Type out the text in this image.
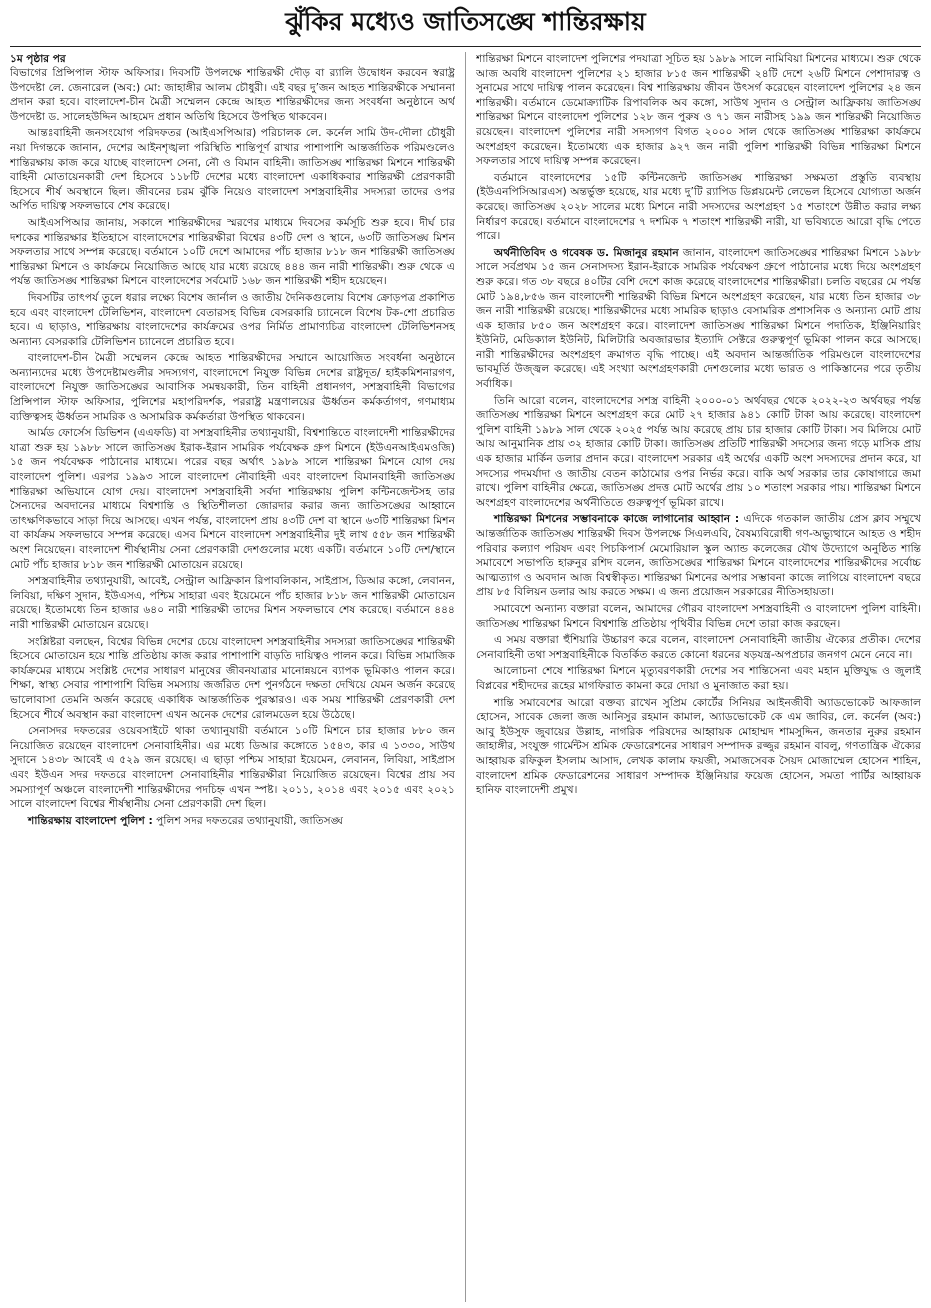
ঝুঁকির মধ্যেও জাতিসঙ্ঘে শান্তিরক্ষায়
১ম পৃষ্ঠার পর

বিভাগের প্রিন্সিপাল স্টাফ অফিসার। দিবসটি উপলক্ষে শান্তিরক্ষী দৌড় বা র‌্যালি উদ্বোধন করবেন স্বরাষ্ট্র উপদেষ্টা লে. জেনারেল (অব:) মো: জাহাঙ্গীর আলম চৌধুরী। এই বছর দু’জন আহত শান্তিরক্ষীকে সম্মাননা প্রদান করা হবে। বাংলাদেশ-চীন মৈত্রী সম্মেলন কেন্দ্রে আহত শান্তিরক্ষীদের জন্য সংবর্ধনা অনুষ্ঠানে অর্থ উপদেষ্টা ড. সালেহউদ্দিন আহমেদ প্রধান অতিথি হিসেবে উপস্থিত থাকবেন।

আন্তঃবাহিনী জনসংযোগ পরিদফতর (আইএসপিআর) পরিচালক লে. কর্নেল সামি উদ-দৌলা চৌধুরী নয়া দিগন্তকে জানান, দেশের আইনশৃঙ্খলা পরিস্থিতি শান্তিপূর্ণ রাখার পাশাপাশি আন্তর্জাতিক পরিমণ্ডলেও শান্তিরক্ষায় কাজ করে যাচ্ছে বাংলাদেশ সেনা, নৌ ও বিমান বাহিনী। জাতিসঙ্ঘ শান্তিরক্ষা মিশনে শান্তিরক্ষী বাহিনী মোতায়েনকারী দেশ হিসেবে ১১৮টি দেশের মধ্যে বাংলাদেশ একাধিকবার শান্তিরক্ষী প্রেরণকারী হিসেবে শীর্ষ অবস্থানে ছিল। জীবনের চরম ঝুঁকি নিয়েও বাংলাদেশ সশস্ত্রবাহিনীর সদস্যরা তাদের ওপর অর্পিত দায়িত্ব সফলভাবে শেষ করেছে।

আইএসপিআর জানায়, সকালে শান্তিরক্ষীদের স্মরণের মাধ্যমে দিবসের কর্মসূচি শুরু হবে। দীর্ঘ চার দশকের শান্তিরক্ষার ইতিহাসে বাংলাদেশের শান্তিরক্ষীরা বিশ্বের ৪৩টি দেশ ও স্থানে, ৬৩টি জাতিসঙ্ঘ মিশন সফলতার সাথে সম্পন্ন করেছে। বর্তমানে ১০টি দেশে আমাদের পাঁচ হাজার ৮১৮ জন শান্তিরক্ষী জাতিসঙ্ঘ শান্তিরক্ষা মিশনে ও কার্যক্রমে নিয়োজিত আছে যার মধ্যে রয়েছে ৪৪৪ জন নারী শান্তিরক্ষী। শুরু থেকে এ পর্যন্ত জাতিসঙ্ঘ শান্তিরক্ষা মিশনে বাংলাদেশের সর্বমোট ১৬৮ জন শান্তিরক্ষী শহীদ হয়েছেন।

দিবসটির তাৎপর্য তুলে ধরার লক্ষ্যে বিশেষ জার্নাল ও জাতীয় দৈনিকগুলোয় বিশেষ ক্রোড়পত্র প্রকাশিত হবে এবং বাংলাদেশ টেলিভিশন, বাংলাদেশ বেতারসহ বিভিন্ন বেসরকারি চ্যানেলে বিশেষ টক-শো প্রচারিত হবে। এ ছাড়াও, শান্তিরক্ষায় বাংলাদেশের কার্যক্রমের ওপর নির্মিত প্রামাণ্যচিত্র বাংলাদেশ টেলিভিশনসহ অন্যান্য বেসরকারি টেলিভিশন চ্যানেলে প্রচারিত হবে।

বাংলাদেশ-চীন মৈত্রী সম্মেলন কেন্দ্রে আহত শান্তিরক্ষীদের সম্মানে আয়োজিত সংবর্ধনা অনুষ্ঠানে অন্যান্যদের মধ্যে উপদেষ্টামণ্ডলীর সদস্যগণ, বাংলাদেশে নিযুক্ত বিভিন্ন দেশের রাষ্ট্রদূত/ হাইকমিশনারগণ, বাংলাদেশে নিযুক্ত জাতিসঙ্ঘের আবাসিক সমন্বয়কারী, তিন বাহিনী প্রধানগণ, সশস্ত্রবাহিনী বিভাগের প্রিন্সিপাল স্টাফ অফিসার, পুলিশের মহাপরিদর্শক, পররাষ্ট্র মন্ত্রণালয়ের ঊর্ধ্বতন কর্মকর্তাগণ, গণমাধ্যম ব্যক্তিত্বসহ ঊর্ধ্বতন সামরিক ও অসামরিক কর্মকর্তারা উপস্থিত থাকবেন।

আর্মড ফোর্সেস ডিভিশন (এএফডি) বা সশস্ত্রবাহিনীর তথ্যানুযায়ী, বিশ্বশান্তিতে বাংলাদেশী শান্তিরক্ষীদের যাত্রা শুরু হয় ১৯৮৮ সালে জাতিসঙ্ঘ ইরাক-ইরান সামরিক পর্যবেক্ষক গ্রুপ মিশনে (ইউএনআইএমওজি) ১৫ জন পর্যবেক্ষক পাঠানোর মাধ্যমে। পরের বছর অর্থাৎ ১৯৮৯ সালে শান্তিরক্ষা মিশনে যোগ দেয় বাংলাদেশ পুলিশ। এরপর ১৯৯৩ সালে বাংলাদেশ নৌবাহিনী এবং বাংলাদেশ বিমানবাহিনী জাতিসঙ্ঘ শান্তিরক্ষা অভিযানে যোগ দেয়। বাংলাদেশ সশস্ত্রবাহিনী সর্বদা শান্তিরক্ষায় পুলিশ কন্টিনজেন্টসহ তার সৈন্যদের অবদানের মাধ্যমে বিশ্বশান্তি ও স্থিতিশীলতা জোরদার করার জন্য জাতিসঙ্ঘের আহ্বানে তাৎক্ষণিকভাবে সাড়া দিয়ে আসছে। এখন পর্যন্ত, বাংলাদেশ প্রায় ৪৩টি দেশ বা স্থানে ৬৩টি শান্তিরক্ষা মিশন বা কার্যক্রম সফলভাবে সম্পন্ন করেছে। এসব মিশনে বাংলাদেশ সশস্ত্রবাহিনীর দুই লাখ ৫৫৮ জন শান্তিরক্ষী অংশ নিয়েছেন। বাংলাদেশ শীর্ষস্থানীয় সেনা প্রেরণকারী দেশগুলোর মধ্যে একটি। বর্তমানে ১০টি দেশ/স্থানে মোট পাঁচ হাজার ৮১৮ জন শান্তিরক্ষী মোতায়েন রয়েছে।

সশস্ত্রবাহিনীর তথ্যানুযায়ী, আবেই, সেন্ট্রাল আফ্রিকান রিপাবলিকান, সাইপ্রাস, ডিআর কঙ্গো, লেবানন, লিবিয়া, দক্ষিণ সুদান, ইউএসএ, পশ্চিম সাহারা এবং ইয়েমেনে পাঁচ হাজার ৮১৮ জন শান্তিরক্ষী মোতায়েন রয়েছে। ইতোমধ্যে তিন হাজার ৬৪০ নারী শান্তিরক্ষী তাদের মিশন সফলভাবে শেষ করেছে। বর্তমানে ৪৪৪ নারী শান্তিরক্ষী মোতায়েন রয়েছে।

সংশ্লিষ্টরা বলছেন, বিশ্বের বিভিন্ন দেশের চেয়ে বাংলাদেশ সশস্ত্রবাহিনীর সদস্যরা জাতিসঙ্ঘের শান্তিরক্ষী হিসেবে মোতায়েন হয়ে শান্তি প্রতিষ্ঠায় কাজ করার পাশাপাশি বাড়তি দায়িত্বও পালন করে। বিভিন্ন সামাজিক কার্যক্রমের মাধ্যমে সংশ্লিষ্ট দেশের সাধারণ মানুষের জীবনযাত্রার মানোন্নয়নে ব্যাপক ভূমিকাও পালন করে। শিক্ষা, স্বাস্থ্য সেবার পাশাপাশি বিভিন্ন সমস্যায় জর্জরিত দেশ পুনর্গঠনে দক্ষতা দেখিয়ে যেমন অর্জন করেছে ভালোবাসা তেমনি অর্জন করেছে একাধিক আন্তর্জাতিক পুরস্কারও। এক সময় শান্তিরক্ষী প্রেরণকারী দেশ হিসেবে শীর্ষে অবস্থান করা বাংলাদেশ এখন অনেক দেশের রোলমডেল হয়ে উঠেছে।

সেনাসদর দফতরের ওয়েবসাইটে থাকা তথ্যানুযায়ী বর্তমানে ১০টি মিশনে চার হাজার ৮৮০ জন নিয়োজিত রয়েছেন বাংলাদেশ সেনাবাহিনীর। এর মধ্যে ডিআর কঙ্গোতে ১৫৪৩, কার এ ১৩৩০, সাউথ সুদানে ১৪৩৮ আবেই এ ৫২৯ জন রয়েছে। এ ছাড়া পশ্চিম সাহারা ইয়েমেন, লেবানন, লিবিয়া, সাইপ্রাস এবং ইউএন সদর দফতরে বাংলাদেশ সেনাবাহিনীর শান্তিরক্ষীরা নিয়োজিত রয়েছেন। বিশ্বের প্রায় সব সমস্যাপূর্ণ অঞ্চলে বাংলাদেশী শান্তিরক্ষীদের পদচিহ্ন এখন স্পষ্ট। ২০১১, ২০১৪ এবং ২০১৫ এবং ২০২১ সালে বাংলাদেশ বিশ্বের শীর্ষস্থানীয় সেনা প্রেরণকারী দেশ ছিল।

শান্তিরক্ষায় বাংলাদেশ পুলিশ : পুলিশ সদর দফতরের তথ্যানুযায়ী, জাতিসঙ্ঘ

শান্তিরক্ষা মিশনে বাংলাদেশ পুলিশের পদযাত্রা সূচিত হয় ১৯৮৯ সালে নামিবিয়া মিশনের মাধ্যমে। শুরু থেকে আজ অবধি বাংলাদেশ পুলিশের ২১ হাজার ৮১৫ জন শান্তিরক্ষী ২৪টি দেশে ২৬টি মিশনে পেশাদারত্ব ও সুনামের সাথে দায়িত্ব পালন করেছেন। বিশ্ব শান্তিরক্ষায় জীবন উৎসর্গ করেছেন বাংলাদেশ পুলিশের ২৪ জন শান্তিরক্ষী। বর্তমানে ডেমোক্র্যাটিক রিপাবলিক অব কঙ্গো, সাউথ সুদান ও সেন্ট্রাল আফ্রিকায় জাতিসঙ্ঘ শান্তিরক্ষা মিশনে বাংলাদেশ পুলিশের ১২৮ জন পুরুষ ও ৭১ জন নারীসহ ১৯৯ জন শান্তিরক্ষী নিয়োজিত রয়েছেন। বাংলাদেশ পুলিশের নারী সদস্যগণ বিগত ২০০০ সাল থেকে জাতিসঙ্ঘ শান্তিরক্ষা কার্যক্রমে অংশগ্রহণ করেছেন। ইতোমধ্যে এক হাজার ৯২৭ জন নারী পুলিশ শান্তিরক্ষী বিভিন্ন শান্তিরক্ষা মিশনে সফলতার সাথে দায়িত্ব সম্পন্ন করেছেন।

বর্তমানে বাংলাদেশের ১৫টি কন্টিনজেন্ট জাতিসঙ্ঘ শান্তিরক্ষা সক্ষমতা প্রস্তুতি ব্যবস্থায় (ইউএনপিসিআরএস) অন্তর্ভুক্ত হয়েছে, যার মধ্যে দু’টি র‌্যাপিড ডিপ্লয়মেন্ট লেভেল হিসেবে যোগ্যতা অর্জন করেছে। জাতিসঙ্ঘ ২০২৮ সালের মধ্যে মিশনে নারী সদস্যদের অংশগ্রহণ ১৫ শতাংশে উন্নীত করার লক্ষ্য নির্ধারণ করেছে। বর্তমানে বাংলাদেশের ৭ দশমিক ৭ শতাংশ শান্তিরক্ষী নারী, যা ভবিষ্যতে আরো বৃদ্ধি পেতে পারে।

অর্থনীতিবিদ ও গবেষক ড. মিজানুর রহমান জানান, বাংলাদেশ জাতিসঙ্ঘের শান্তিরক্ষা মিশনে ১৯৮৮ সালে সর্বপ্রথম ১৫ জন সেনাসদস্য ইরান-ইরাকে সামরিক পর্যবেক্ষণ গ্রুপে পাঠানোর মধ্যে দিয়ে অংশগ্রহণ শুরু করে। গত ৩৮ বছরে ৪০টির বেশি দেশে কাজ করেছে বাংলাদেশের শান্তিরক্ষীরা। চলতি বছরের মে পর্যন্ত মোট ১৯৪,৮৫৬ জন বাংলাদেশী শান্তিরক্ষী বিভিন্ন মিশনে অংশগ্রহণ করেছেন, যার মধ্যে তিন হাজার ৩৮ জন নারী শান্তিরক্ষী রয়েছে। শান্তিরক্ষীদের মধ্যে সামরিক ছাড়াও বেসামরিক প্রশাসনিক ও অন্যান্য মোট প্রায় এক হাজার ৮৫০ জন অংশগ্রহণ করে। বাংলাদেশ জাতিসঙ্ঘ শান্তিরক্ষা মিশনে পদাতিক, ইঞ্জিনিয়ারিং ইউনিট, মেডিক্যাল ইউনিট, মিলিটারি অবজারভার ইত্যাদি সেক্টরে গুরুত্বপূর্ণ ভূমিকা পালন করে আসছে। নারী শান্তিরক্ষীদের অংশগ্রহণ ক্রমাগত বৃদ্ধি পাচ্ছে। এই অবদান আন্তর্জাতিক পরিমণ্ডলে বাংলাদেশের ভাবমূর্তি উজ্জ্বল করেছে। এই সংখ্যা অংশগ্রহণকারী দেশগুলোর মধ্যে ভারত ও পাকিস্তানের পরে তৃতীয় সর্বাধিক।

তিনি আরো বলেন, বাংলাদেশের সশস্ত্র বাহিনী ২০০০-০১ অর্থবছর থেকে ২০২২-২৩ অর্থবছর পর্যন্ত জাতিসঙ্ঘ শান্তিরক্ষা মিশনে অংশগ্রহণ করে মোট ২৭ হাজার ৯৪১ কোটি টাকা আয় করেছে। বাংলাদেশ পুলিশ বাহিনী ১৯৮৯ সাল থেকে ২০২৫ পর্যন্ত আয় করেছে প্রায় চার হাজার কোটি টাকা। সব মিলিয়ে মোট আয় আনুমানিক প্রায় ৩২ হাজার কোটি টাকা। জাতিসঙ্ঘ প্রতিটি শান্তিরক্ষী সদস্যের জন্য গড়ে মাসিক প্রায় এক হাজার মার্কিন ডলার প্রদান করে। বাংলাদেশ সরকার এই অর্থের একটি অংশ সদস্যদের প্রদান করে, যা সদস্যের পদমর্যাদা ও জাতীয় বেতন কাঠামোর ওপর নির্ভর করে। বাকি অর্থ সরকার তার কোষাগারে জমা রাখে। পুলিশ বাহিনীর ক্ষেত্রে, জাতিসঙ্ঘ প্রদত্ত মোট অর্থের প্রায় ১০ শতাংশ সরকার পায়। শান্তিরক্ষা মিশনে অংশগ্রহণ বাংলাদেশের অর্থনীতিতে গুরুত্বপূর্ণ ভূমিকা রাখে।

শান্তিরক্ষা মিশনের সম্ভাবনাকে কাজে লাগানোর আহ্বান : এদিকে গতকাল জাতীয় প্রেস ক্লাব সম্মুখে আন্তর্জাতিক জাতিসঙ্ঘ শান্তিরক্ষী দিবস উপলক্ষে সিএলএবি, বৈষম্যবিরোধী গণ-অভ্যুত্থানে আহত ও শহীদ পরিবার কল্যাণ পরিষদ এবং পিচকিপার্স মেমোরিয়াল স্কুল অ্যান্ড কলেজের যৌথ উদ্যোগে অনুষ্ঠিত শান্তি সমাবেশে সভাপতি হারুনুর রশিদ বলেন, জাতিসঙ্ঘের শান্তিরক্ষা মিশনে বাংলাদেশের শান্তিরক্ষীদের সর্বোচ্চ আত্মত্যাগ ও অবদান আজ বিশ্বস্বীকৃত। শান্তিরক্ষা মিশনের অপার সম্ভাবনা কাজে লাগিয়ে বাংলাদেশ বছরে প্রায় ৮৫ বিলিয়ন ডলার আয় করতে সক্ষম। এ জন্য প্রয়োজন সরকারের নীতিসহায়তা।

সমাবেশে অন্যান্য বক্তারা বলেন, আমাদের গৌরব বাংলাদেশ সশস্ত্রবাহিনী ও বাংলাদেশ পুলিশ বাহিনী। জাতিসঙ্ঘ শান্তিরক্ষা মিশনে বিশ্বশান্তি প্রতিষ্ঠায় পৃথিবীর বিভিন্ন দেশে তারা কাজ করছেন।

এ সময় বক্তারা হুঁশিয়ারি উচ্চারণ করে বলেন, বাংলাদেশ সেনাবাহিনী জাতীয় ঐক্যের প্রতীক। দেশের সেনাবাহিনী তথা সশস্ত্রবাহিনীকে বিতর্কিত করতে কোনো ধরনের ষড়যন্ত্র-অপপ্রচার জনগণ মেনে নেবে না।

আলোচনা শেষে শান্তিরক্ষা মিশনে মৃত্যুবরণকারী দেশের সব শান্তিসেনা এবং মহান মুক্তিযুদ্ধ ও জুলাই বিপ্লবের শহীদদের রূহের মাগফিরাত কামনা করে দোয়া ও মুনাজাত করা হয়।

শান্তি সমাবেশের আরো বক্তব্য রাখেন সুপ্রিম কোর্টের সিনিয়র আইনজীবী অ্যাডভোকেট আফজাল হোসেন, সাবেক জেলা জজ আনিসুর রহমান কামাল, অ্যাডভোকেট কে এম জাবির, লে. কর্নেল (অব:) আবু ইউসুফ জুবায়ের উল্লাহ, নাগরিক পরিষদের আহ্বায়ক মোহাম্মদ শামসুদ্দিন, জনতার নুরুর রহমান জাহাঙ্গীর, সংযুক্ত গার্মেন্টস শ্রমিক ফেডারেশনের সাধারণ সম্পাদক রজ্জুর রহমান বাবলু, গণতান্ত্রিক ঐক্যের আহ্বায়ক রফিকুল ইসলাম আসাদ, লেখক কালাম ফয়জী, সমাজসেবক সৈয়দ মোজাম্মেল হোসেন শাহিন, বাংলাদেশ শ্রমিক ফেডারেশনের সাধারণ সম্পাদক ইঞ্জিনিয়ার ফয়েজ হোসেন, সমতা পার্টির আহ্বায়ক হানিফ বাংলাদেশী প্রমুখ।
